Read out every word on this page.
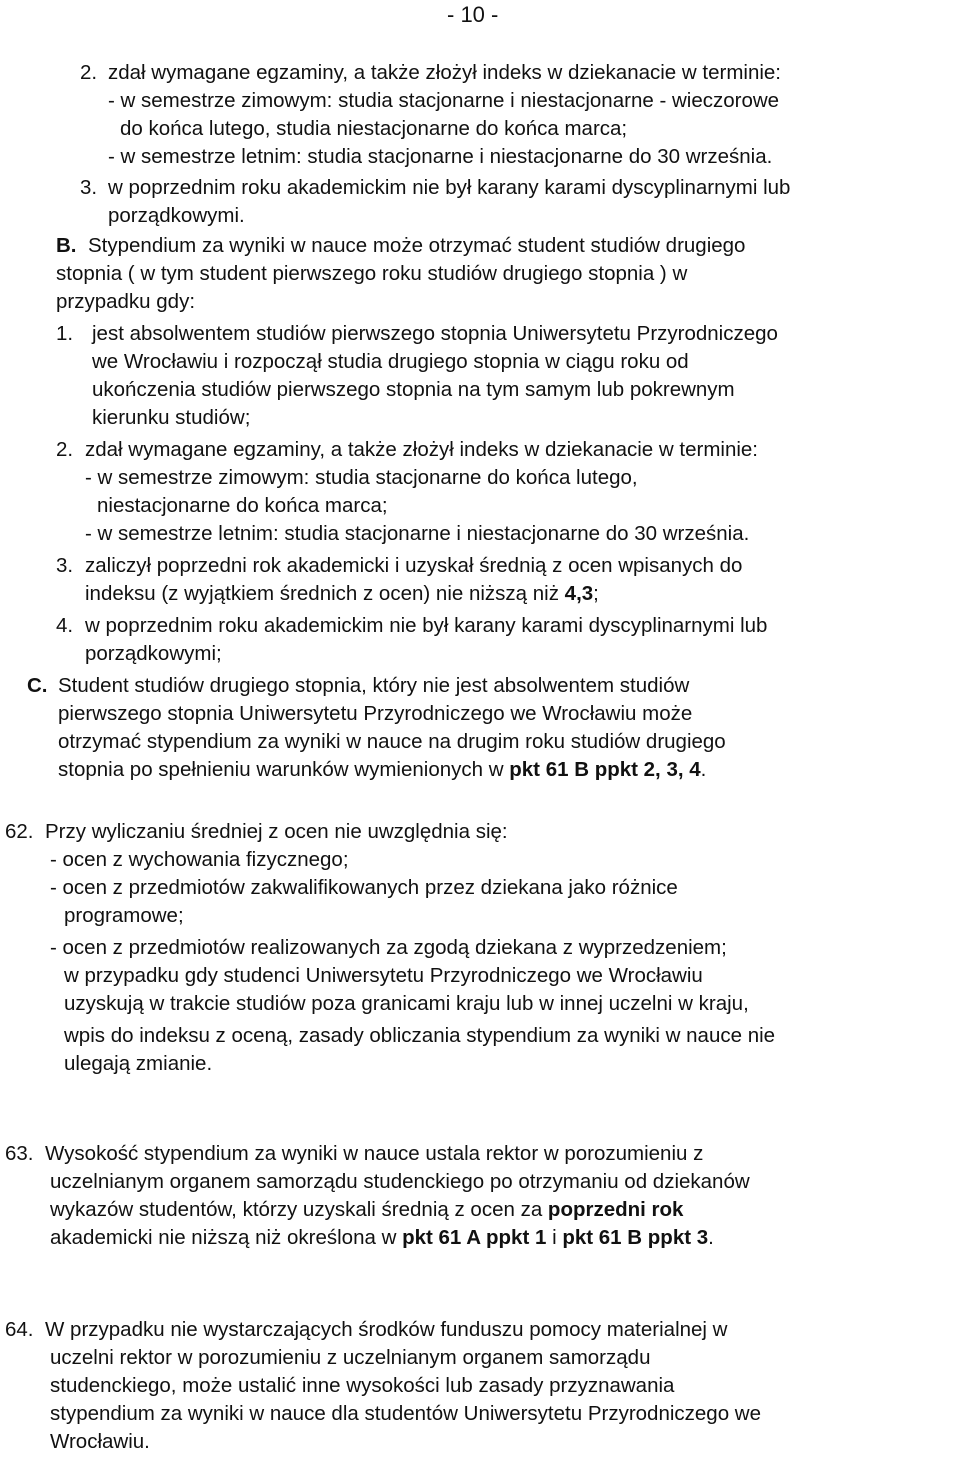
- 10 -
2. zdał wymagane egzaminy, a także złożył indeks w dziekanacie w terminie:
- w semestrze zimowym: studia stacjonarne i niestacjonarne - wieczorowe
do końca lutego, studia niestacjonarne do końca marca;
- w semestrze letnim: studia stacjonarne i niestacjonarne do 30 września.
3. w poprzednim roku akademickim nie był karany karami dyscyplinarnymi lub
porządkowymi.
B. Stypendium za wyniki w nauce może otrzymać student studiów drugiego
stopnia ( w tym student pierwszego roku studiów drugiego stopnia ) w
przypadku gdy:
1. jest absolwentem studiów pierwszego stopnia Uniwersytetu Przyrodniczego
we Wrocławiu i rozpoczął studia drugiego stopnia w ciągu roku od
ukończenia studiów pierwszego stopnia na tym samym lub pokrewnym
kierunku studiów;
2. zdał wymagane egzaminy, a także złożył indeks w dziekanacie w terminie:
- w semestrze zimowym: studia stacjonarne do końca lutego,
niestacjonarne do końca marca;
- w semestrze letnim: studia stacjonarne i niestacjonarne do 30 września.
3. zaliczył poprzedni rok akademicki i uzyskał średnią z ocen wpisanych do
indeksu (z wyjątkiem średnich z ocen) nie niższą niż 4,3;
4. w poprzednim roku akademickim nie był karany karami dyscyplinarnymi lub
porządkowymi;
C. Student studiów drugiego stopnia, który nie jest absolwentem studiów
pierwszego stopnia Uniwersytetu Przyrodniczego we Wrocławiu może
otrzymać stypendium za wyniki w nauce na drugim roku studiów drugiego
stopnia po spełnieniu warunków wymienionych w pkt 61 B ppkt 2, 3, 4.
62. Przy wyliczaniu średniej z ocen nie uwzględnia się:
- ocen z wychowania fizycznego;
- ocen z przedmiotów zakwalifikowanych przez dziekana jako różnice
programowe;
- ocen z przedmiotów realizowanych za zgodą dziekana z wyprzedzeniem;
w przypadku gdy studenci Uniwersytetu Przyrodniczego we Wrocławiu
uzyskują w trakcie studiów poza granicami kraju lub w innej uczelni w kraju,
wpis do indeksu z oceną, zasady obliczania stypendium za wyniki w nauce nie
ulegają zmianie.
63. Wysokość stypendium za wyniki w nauce ustala rektor w porozumieniu z
uczelnianym organem samorządu studenckiego po otrzymaniu od dziekanów
wykazów studentów, którzy uzyskali średnią z ocen za poprzedni rok
akademicki nie niższą niż określona w pkt 61 A ppkt 1 i pkt 61 B ppkt 3.
64. W przypadku nie wystarczających środków funduszu pomocy materialnej w
uczelni rektor w porozumieniu z uczelnianym organem samorządu
studenckiego, może ustalić inne wysokości lub zasady przyznawania
stypendium za wyniki w nauce dla studentów Uniwersytetu Przyrodniczego we
Wrocławiu.
